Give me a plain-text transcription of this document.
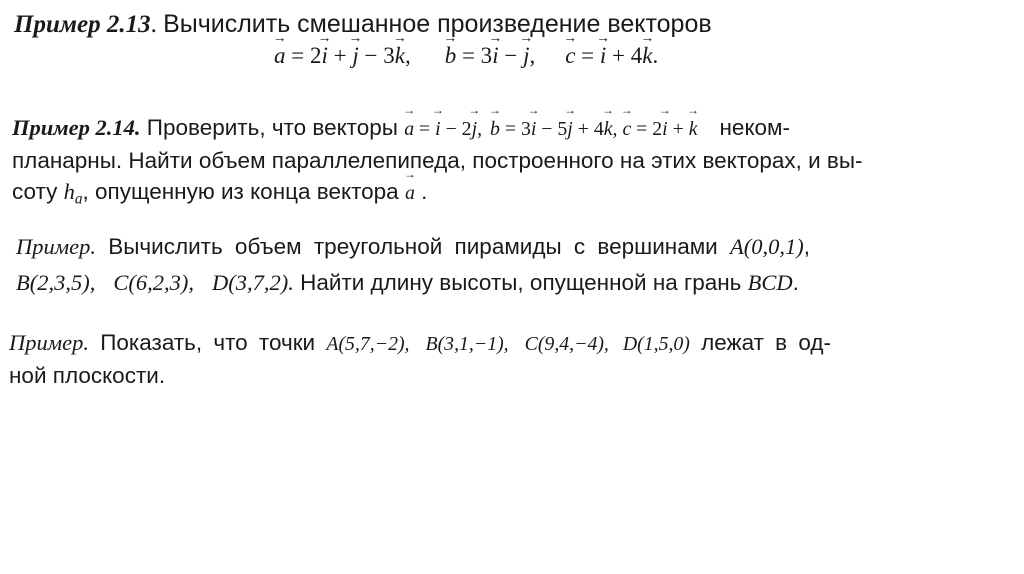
Пример 2.13. Вычислить смешанное произведение векторов
a → = 2i → + j → − 3k →, b → = 3i → − j →, c → = i → + 4k →.
Пример 2.14. Проверить, что векторы a → = i → − 2j →, b → = 3i → − 5j → + 4k →, c → = 2i → + k → неком-
планарны. Найти объем параллелепипеда, построенного на этих векторах, и вы-
соту $h_a$, опущенную из конца вектора a → .
Пример. Вычислить объем треугольной пирамиды с вершинами A(0,0,1),
B(2,3,5), C(6,2,3), D(3,7,2). Найти длину высоты, опущенной на грань BCD.
Пример. Показать, что точки A(5,7,−2), B(3,1,−1), C(9,4,−4), D(1,5,0) лежат в од-
ной плоскости.
